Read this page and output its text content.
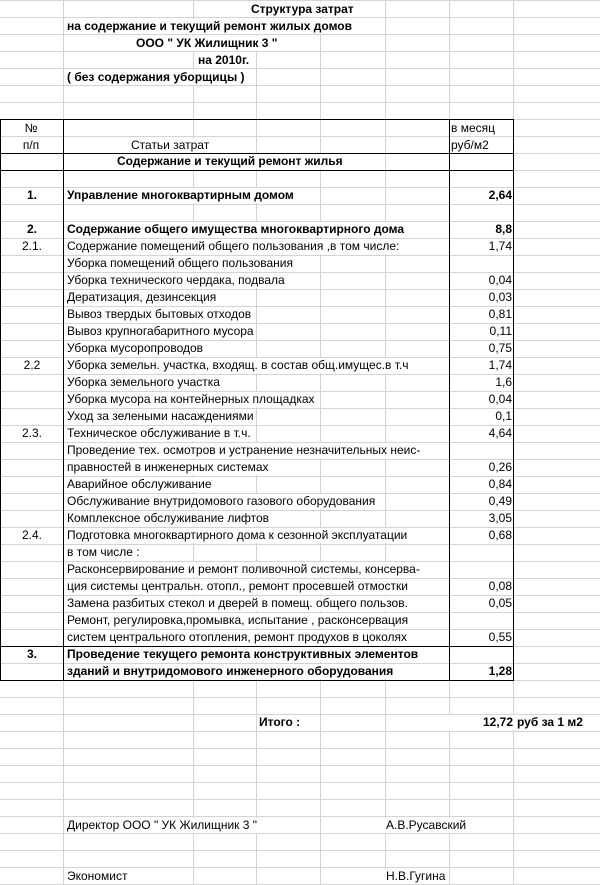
Структура затрат
на содержание и текущий ремонт жилых домов
ООО " УК Жилищник 3 "
на 2010г.
( без содержания уборщицы )
№
п/п	Статьи затрат
в месяц
руб/м2
Содержание и текущий ремонт жилья
1.	Управление многоквартирным домом	2,64
2.	Содержание общего имущества многоквартирного дома	8,8
2.1.	Содержание помещений общего пользования ,в том числе:	1,74
Уборка помещений общего пользования
Уборка технического чердака, подвала	0,04
Дератизация, дезинсекция	0,03
Вывоз твердых бытовых отходов	0,81
Вывоз крупногабаритного мусора	0,11
Уборка мусоропроводов	0,75
2.2	Уборка земельн. участка, входящ. в состав общ.имущес.в т.ч	1,74
Уборка земельного участка	1,6
Уборка мусора на контейнерных площадках	0,04
Уход за зелеными насаждениями	0,1
2.3.	Техническое обслуживание в т.ч.	4,64
Проведение тех. осмотров и устранение незначительных неис-
правностей в инженерных системах	0,26
Аварийное обслуживание	0,84
Обслуживание внутридомового газового оборудования	0,49
Комплексное обслуживание лифтов	3,05
2.4.	Подготовка многоквартирного дома к сезонной эксплуатации	0,68
в том числе :
Расконсервирование и ремонт поливочной системы, консерва-
ция системы центральн. отопл., ремонт просевшей отмостки	0,08
Замена разбитых стекол и дверей в помещ. общего пользов.	0,05
Ремонт, регулировка,промывка, испытание , расконсервация
систем центрального отопления, ремонт продухов в цоколях	0,55
3.	Проведение текущего ремонта конструктивных элементов
зданий и внутридомового инженерного оборудования	1,28
Итого :	12,72 руб за 1 м2
Директор ООО " УК Жилищник 3 "	А.В.Русавский
Экономист	Н.В.Гугина
